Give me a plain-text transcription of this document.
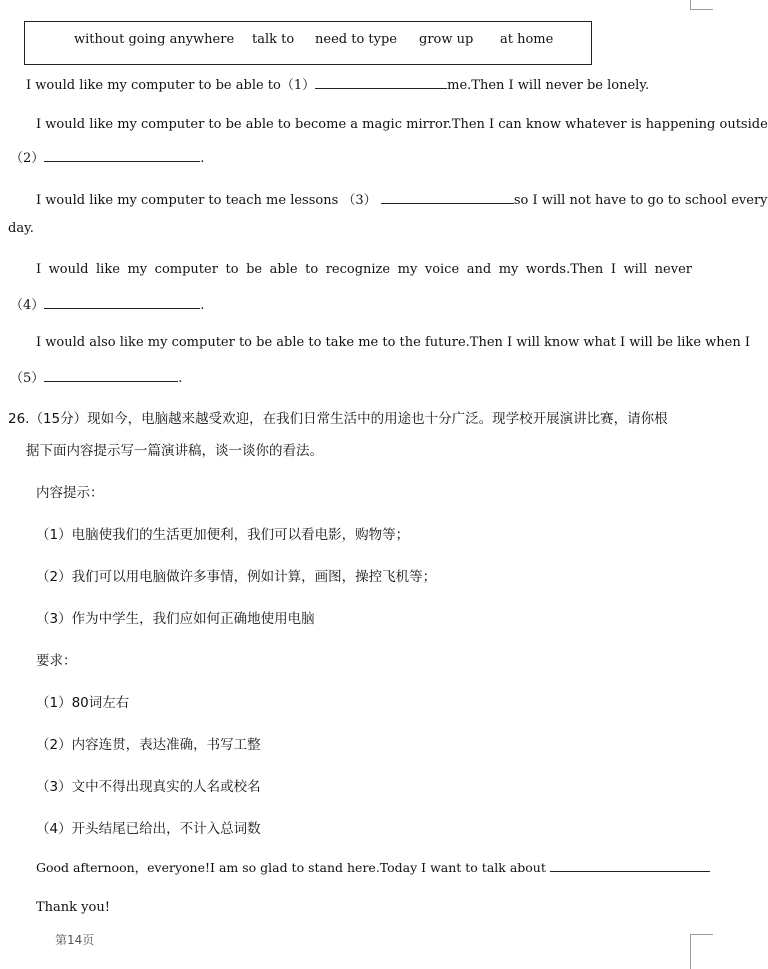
without going anywhere talk to need to type grow up at home
I would like my computer to be able to（1）	me.Then I will never be lonely.
I would like my computer to be able to become a magic mirror.Then I can know whatever is happening outside
（2）	.
I would like my computer to teach me lessons （3）	so I will not have to go to school every
day.
I would like my computer to be able to recognize my voice and my words.Then I will never
（4）	.
I would also like my computer to be able to take me to the future.Then I will know what I will be like when I
（5）	.
26.（15分）现如今，电脑越来越受欢迎，在我们日常生活中的用途也十分广泛。现学校开展演讲比赛，请你根
据下面内容提示写一篇演讲稿，谈一谈你的看法。
内容提示：
（1）电脑使我们的生活更加便利，我们可以看电影，购物等；
（2）我们可以用电脑做许多事情，例如计算，画图，操控飞机等；
（3）作为中学生，我们应如何正确地使用电脑
要求：
（1）80词左右
（2）内容连贯，表达准确，书写工整
（3）文中不得出现真实的人名或校名
（4）开头结尾已给出，不计入总词数
Good afternoon，everyone!I am so glad to stand here.Today I want to talk about
Thank you!
第14页
